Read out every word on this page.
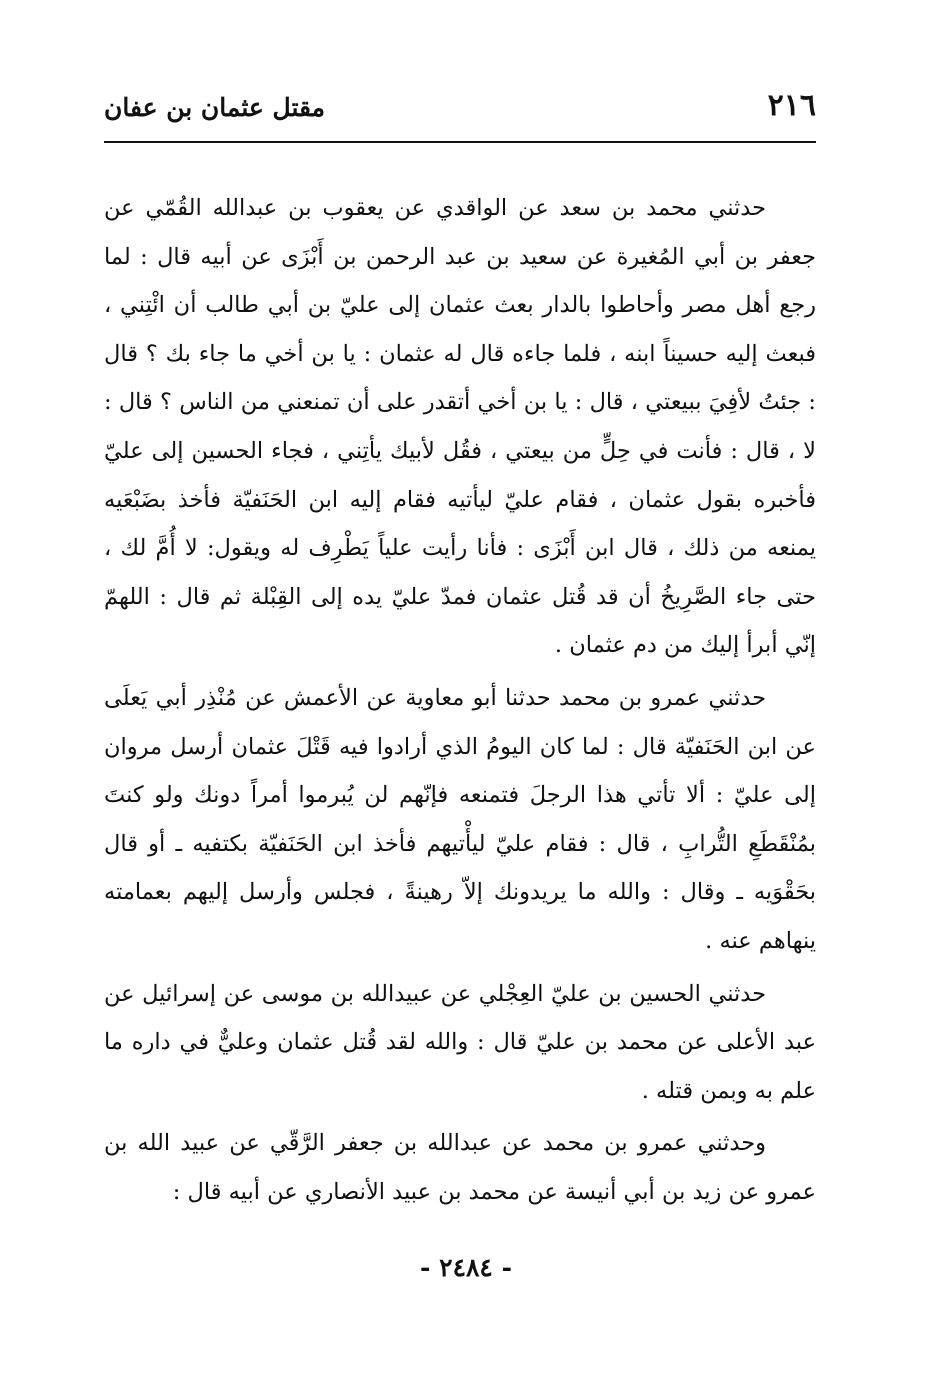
٢١٦
مقتل عثمان بن عفان

حدثني محمد بن سعد عن الواقدي عن يعقوب بن عبدالله القُمّي عن جعفر بن أبي المُغيرة عن سعيد بن عبد الرحمن بن أَبْزَى عن أبيه قال : لما رجع أهل مصر وأحاطوا بالدار بعث عثمان إلى عليّ بن أبي طالب أن ائْتِني ، فبعث إليه حسيناً ابنه ، فلما جاءه قال له عثمان : يا بن أخي ما جاء بك ؟ قال : جئتُ لأفِيَ ببيعتي ، قال : يا بن أخي أتقدر على أن تمنعني من الناس ؟ قال : لا ، قال : فأنت في حِلٍّ من بيعتي ، فقُل لأبيك يأتِني ، فجاء الحسين إلى عليّ فأخبره بقول عثمان ، فقام عليّ ليأتيه فقام إليه ابن الحَنَفيّة فأخذ بضَبْعَيه يمنعه من ذلك ، قال ابن أَبْزَى : فأنا رأيت علياً يَطْرِف له ويقول: لا أُمَّ لك ، حتى جاء الصَّرِيخُ أن قد قُتل عثمان فمدّ عليّ يده إلى القِبْلة ثم قال : اللهمّ إنّي أبرأ إليك من دم عثمان .

حدثني عمرو بن محمد حدثنا أبو معاوية عن الأعمش عن مُنْذِر أبي يَعلَى عن ابن الحَنَفيّة قال : لما كان اليومُ الذي أرادوا فيه قَتْلَ عثمان أرسل مروان إلى عليّ : ألا تأتي هذا الرجلَ فتمنعه فإنّهم لن يُبرموا أمراً دونك ولو كنتَ بمُنْقَطَعِ التُّرابِ ، قال : فقام عليّ ليأْتيهم فأخذ ابن الحَنَفيّة بكتفيه ـ أو قال بحَقْوَيه ـ وقال : والله ما يريدونك إلاّ رهينةً ، فجلس وأرسل إليهم بعمامته ينهاهم عنه .

حدثني الحسين بن عليّ العِجْلي عن عبيدالله بن موسى عن إسرائيل عن عبد الأعلى عن محمد بن عليّ قال : والله لقد قُتل عثمان وعليٌّ في داره ما علم به وبمن قتله .

وحدثني عمرو بن محمد عن عبدالله بن جعفر الرَّقّي عن عبيد الله بن عمرو عن زيد بن أبي أنيسة عن محمد بن عبيد الأنصاري عن أبيه قال :

- ٢٤٨٤ -
